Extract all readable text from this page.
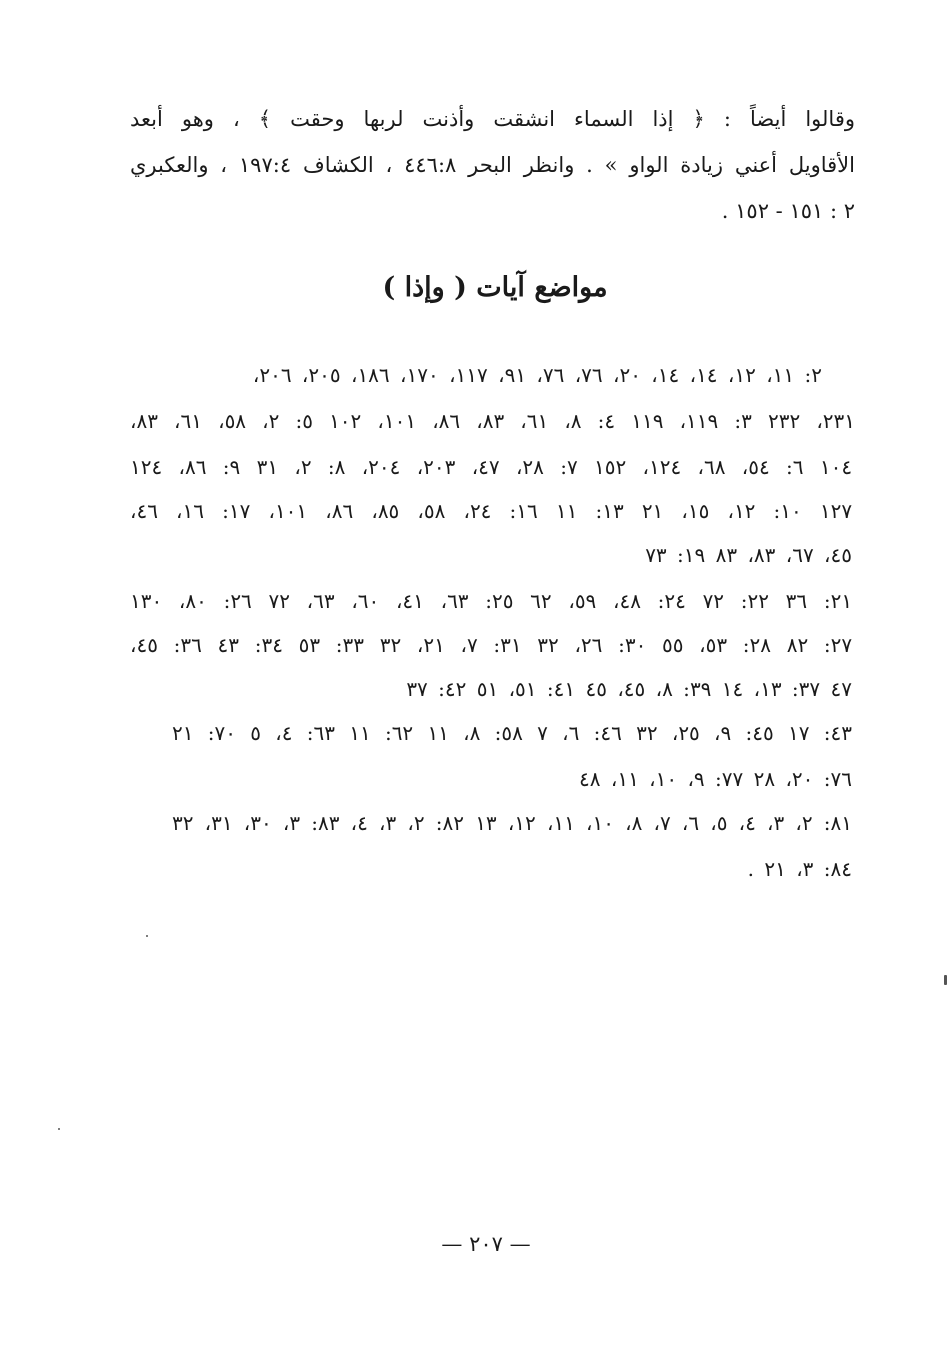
وقالوا أيضاً : ﴿ إذا السماء انشقت وأذنت لربها وحقت ﴾ ، وهو أبعد
الأقاويل أعني زيادة الواو » . وانظر البحر ٤٤٦:٨ ، الكشاف ١٩٧:٤ ، والعكبري
٢ : ١٥١ - ١٥٢ .
مواضع آيات ( وإذا )
٢: ١١، ١٢، ١٤، ١٤، ٢٠، ٧٦، ٧٦، ٩١، ١١٧، ١٧٠، ١٨٦، ٢٠٥، ٢٠٦،
٢٣١، ٢٣٢ ٣: ١١٩، ١١٩ ٤: ٨، ٦١، ٨٣، ٨٦، ١٠١، ١٠٢ ٥: ٢، ٥٨، ٦١، ٨٣،
١٠٤ ٦: ٥٤، ٦٨، ١٢٤، ١٥٢ ٧: ٢٨، ٤٧، ٢٠٣، ٢٠٤، ٨: ٢، ٣١ ٩: ٨٦، ١٢٤
١٢٧ ١٠: ١٢، ١٥، ٢١ ١٣: ١١ ١٦: ٢٤، ٥٨، ٨٥، ٨٦، ١٠١، ١٧: ١٦، ٤٦،
٤٥، ٦٧، ٨٣، ٨٣ ١٩: ٧٣
٢١: ٣٦ ٢٢: ٧٢ ٢٤: ٤٨، ٥٩، ٦٢ ٢٥: ٦٣، ٤١، ٦٠، ٦٣، ٧٢ ٢٦: ٨٠، ١٣٠
٢٧: ٨٢ ٢٨: ٥٣، ٥٥ ٣٠: ٢٦، ٣٢ ٣١: ٧، ٢١، ٣٢ ٣٣: ٥٣ ٣٤: ٤٣ ٣٦: ٤٥،
٤٧ ٣٧: ١٣، ١٤ ٣٩: ٨، ٤٥، ٤٥ ٤١: ٥١، ٥١ ٤٢: ٣٧
٤٣: ١٧ ٤٥: ٩، ٢٥، ٣٢ ٤٦: ٦، ٧ ٥٨: ٨، ١١ ٦٢: ١١ ٦٣: ٤، ٥ ٧٠: ٢١
٧٦: ٢٠، ٢٨ ٧٧: ٩، ١٠، ١١، ٤٨
٨١: ٢، ٣، ٤، ٥، ٦، ٧، ٨، ١٠، ١١، ١٢، ١٣ ٨٢: ٢، ٣، ٤، ٨٣: ٣، ٣٠، ٣١، ٣٢
٨٤: ٣، ٢١ .
— ٢٠٧ —
